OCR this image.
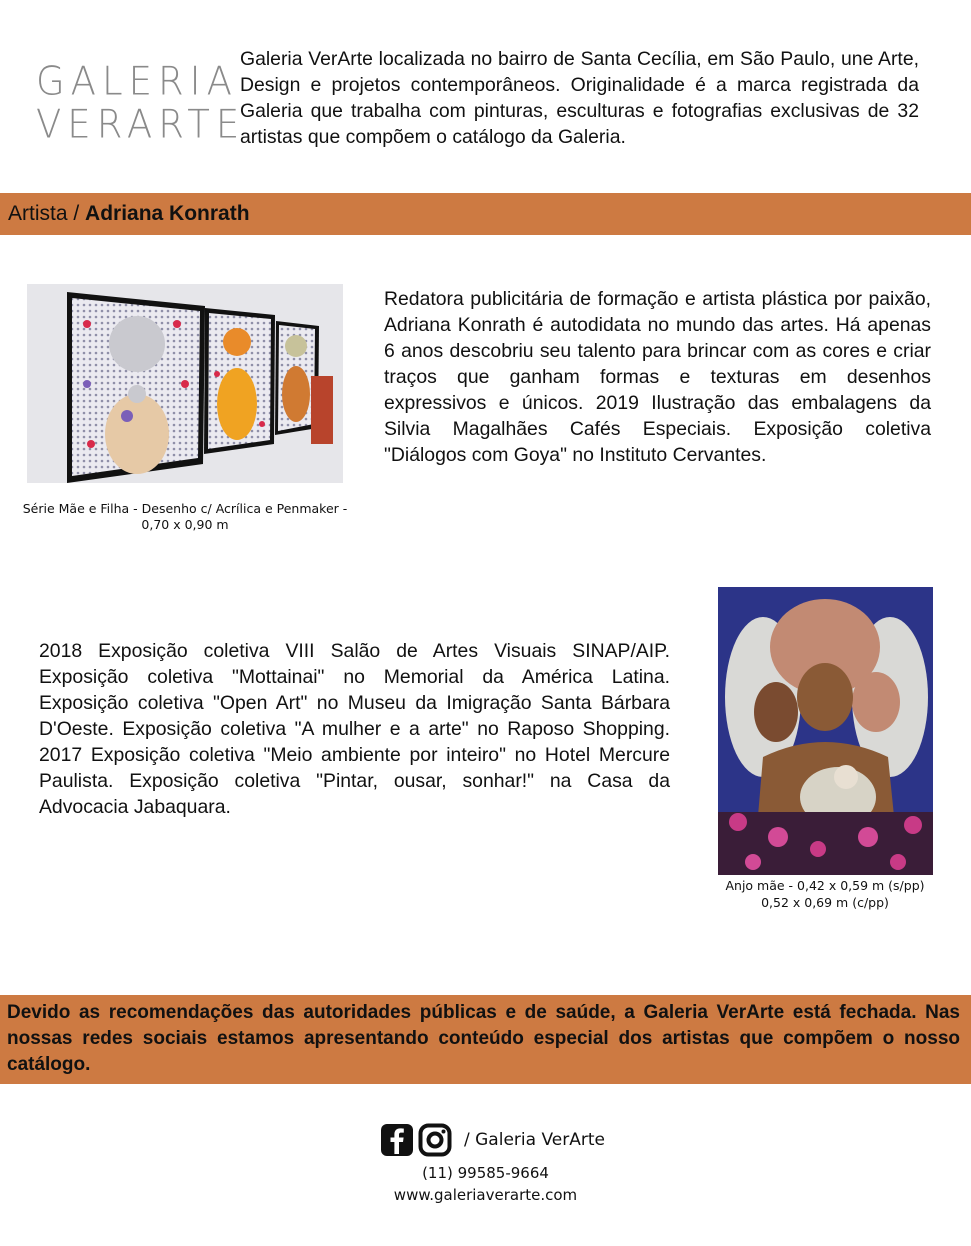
GALERIA
VERARTE
Galeria VerArte localizada no bairro de Santa Cecília, em São Paulo, une Arte, Design e projetos contemporâneos. Originalidade é a marca registrada da Galeria que trabalha com pinturas, esculturas e fotografias exclusivas de 32 artistas que compõem o catálogo da Galeria.
Artista / Adriana Konrath
Série Mãe e Filha - Desenho c/ Acrílica e Penmaker - 0,70 x 0,90 m
Redatora publicitária de formação e artista plástica por paixão, Adriana Konrath é autodidata no mundo das artes. Há apenas 6 anos descobriu seu talento para brincar com as cores e criar traços que ganham formas e texturas em desenhos expressivos e únicos. 2019 Ilustração das embalagens da Silvia Magalhães Cafés Especiais. Exposição coletiva "Diálogos com Goya" no Instituto Cervantes.
2018 Exposição coletiva VIII Salão de Artes Visuais SINAP/AIP. Exposição coletiva "Mottainai" no Memorial da América Latina. Exposição coletiva "Open Art" no Museu da Imigração Santa Bárbara D'Oeste. Exposição coletiva "A mulher e a arte" no Raposo Shopping. 2017 Exposição coletiva "Meio ambiente por inteiro" no Hotel Mercure Paulista. Exposição coletiva "Pintar, ousar, sonhar!" na Casa da Advocacia Jabaquara.
Anjo mãe - 0,42 x 0,59 m (s/pp)
0,52 x 0,69 m (c/pp)
Devido as recomendações das autoridades públicas e de saúde, a Galeria VerArte está fechada. Nas nossas redes sociais estamos apresentando conteúdo especial dos artistas que compõem o nosso catálogo.
/ Galeria VerArte
(11) 99585-9664
www.galeriaverarte.com
